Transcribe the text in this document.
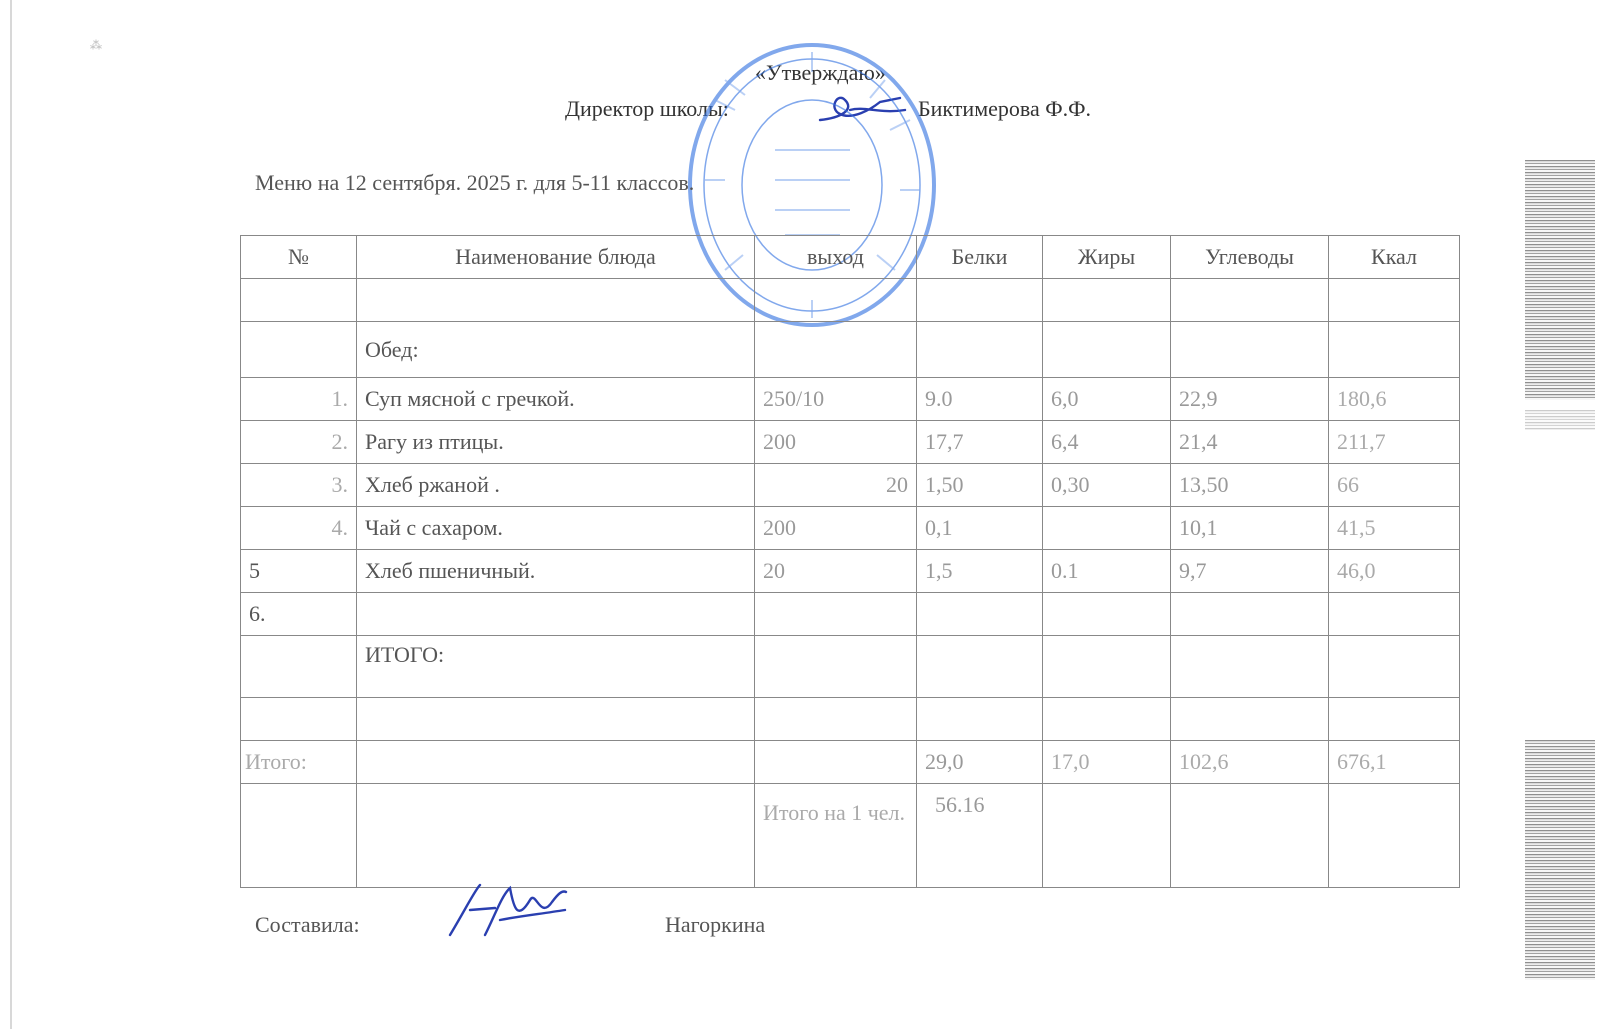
⁂
«Утверждаю»
Директор школы:	Биктимерова Ф.Ф.
Меню на 12 сентября. 2025 г. для 5-11 классов.
№	Наименование блюда	выход	Белки	Жиры	Углеводы	Ккал

	Обед:					
1.	Суп мясной с гречкой.	250/10	9.0	6,0	22,9	180,6
2.	Рагу из птицы.	200	17,7	6,4	21,4	211,7
3.	Хлеб ржаной .	20	1,50	0,30	13,50	66
4.	Чай с сахаром.	200	0,1		10,1	41,5
5	Хлеб пшеничный.	20	1,5	0.1	9,7	46,0
6.						
	ИТОГО:					

Итого:			29,0	17,0	102,6	676,1
		Итого на 1 чел.	56.16			
Составила:	Нагоркина
